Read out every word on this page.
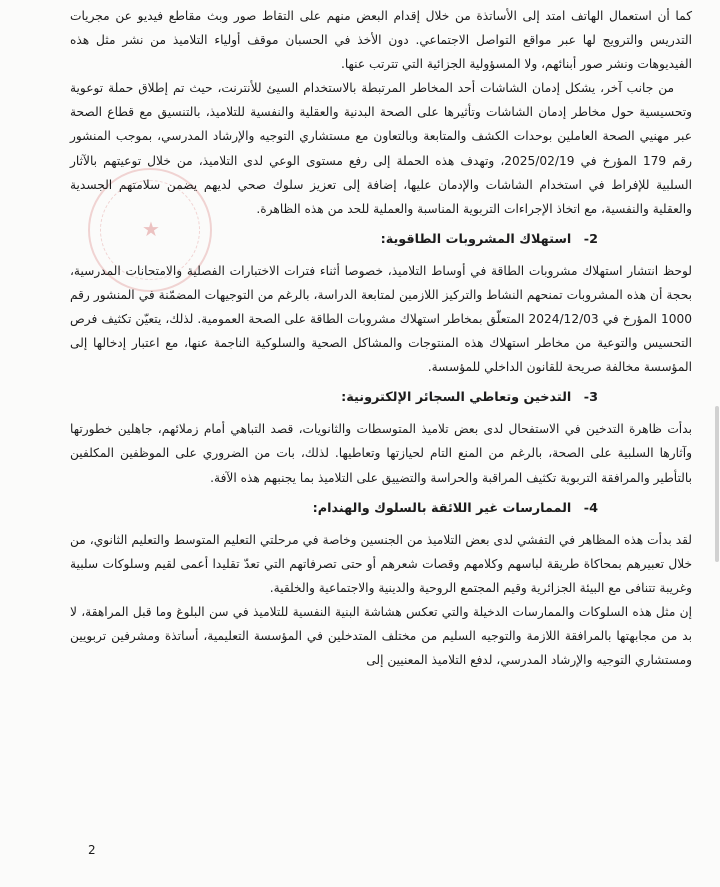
★

كما أن استعمال الهاتف امتد إلى الأساتذة من خلال إقدام البعض منهم على التقاط صور وبث مقاطع فيديو عن مجريات التدريس والترويج لها عبر مواقع التواصل الاجتماعي. دون الأخذ في الحسبان موقف أولياء التلاميذ من نشر مثل هذه الفيديوهات ونشر صور أبنائهم، ولا المسؤولية الجزائية التي تترتب عنها.

من جانب آخر، يشكل إدمان الشاشات أحد المخاطر المرتبطة بالاستخدام السيئ للأنترنت، حيث تم إطلاق حملة توعوية وتحسيسية حول مخاطر إدمان الشاشات وتأثيرها على الصحة البدنية والعقلية والنفسية للتلاميذ، بالتنسيق مع قطاع الصحة عبر مهنيي الصحة العاملين بوحدات الكشف والمتابعة وبالتعاون مع مستشاري التوجيه والإرشاد المدرسي، بموجب المنشور رقم 179 المؤرخ في 2025/02/19، وتهدف هذه الحملة إلى رفع مستوى الوعي لدى التلاميذ، من خلال توعيتهم بالآثار السلبية للإفراط في استخدام الشاشات والإدمان عليها، إضافة إلى تعزيز سلوك صحي لديهم يضمن سلامتهم الجسدية والعقلية والنفسية، مع اتخاذ الإجراءات التربوية المناسبة والعملية للحد من هذه الظاهرة.

2- استهلاك المشروبات الطاقوية:

لوحظ انتشار استهلاك مشروبات الطاقة في أوساط التلاميذ، خصوصا أثناء فترات الاختبارات الفصلية والامتحانات المدرسية، بحجة أن هذه المشروبات تمنحهم النشاط والتركيز اللازمين لمتابعة الدراسة، بالرغم من التوجيهات المضمّنة في المنشور رقم 1000 المؤرخ في 2024/12/03 المتعلّق بمخاطر استهلاك مشروبات الطاقة على الصحة العمومية. لذلك، يتعيّن تكثيف فرص التحسيس والتوعية من مخاطر استهلاك هذه المنتوجات والمشاكل الصحية والسلوكية الناجمة عنها، مع اعتبار إدخالها إلى المؤسسة مخالفة صريحة للقانون الداخلي للمؤسسة.

3- التدخين وتعاطي السجائر الإلكترونية:

بدأت ظاهرة التدخين في الاستفحال لدى بعض تلاميذ المتوسطات والثانويات، قصد التباهي أمام زملائهم، جاهلين خطورتها وآثارها السلبية على الصحة، بالرغم من المنع التام لحيازتها وتعاطيها. لذلك، بات من الضروري على الموظفين المكلفين بالتأطير والمرافقة التربوية تكثيف المراقبة والحراسة والتضييق على التلاميذ بما يجنبهم هذه الآفة.

4- الممارسات غير اللائقة بالسلوك والهندام:

لقد بدأت هذه المظاهر في التفشي لدى بعض التلاميذ من الجنسين وخاصة في مرحلتي التعليم المتوسط والتعليم الثانوي، من خلال تعبيرهم بمحاكاة طريقة لباسهم وكلامهم وقصات شعرهم أو حتى تصرفاتهم التي تعدّ تقليدا أعمى لقيم وسلوكات سلبية وغريبة تتنافى مع البيئة الجزائرية وقيم المجتمع الروحية والدينية والاجتماعية والخلقية.

إن مثل هذه السلوكات والممارسات الدخيلة والتي تعكس هشاشة البنية النفسية للتلاميذ في سن البلوغ وما قبل المراهقة، لا بد من مجابهتها بالمرافقة اللازمة والتوجيه السليم من مختلف المتدخلين في المؤسسة التعليمية، أساتذة ومشرفين تربويين ومستشاري التوجيه والإرشاد المدرسي، لدفع التلاميذ المعنيين إلى

2
